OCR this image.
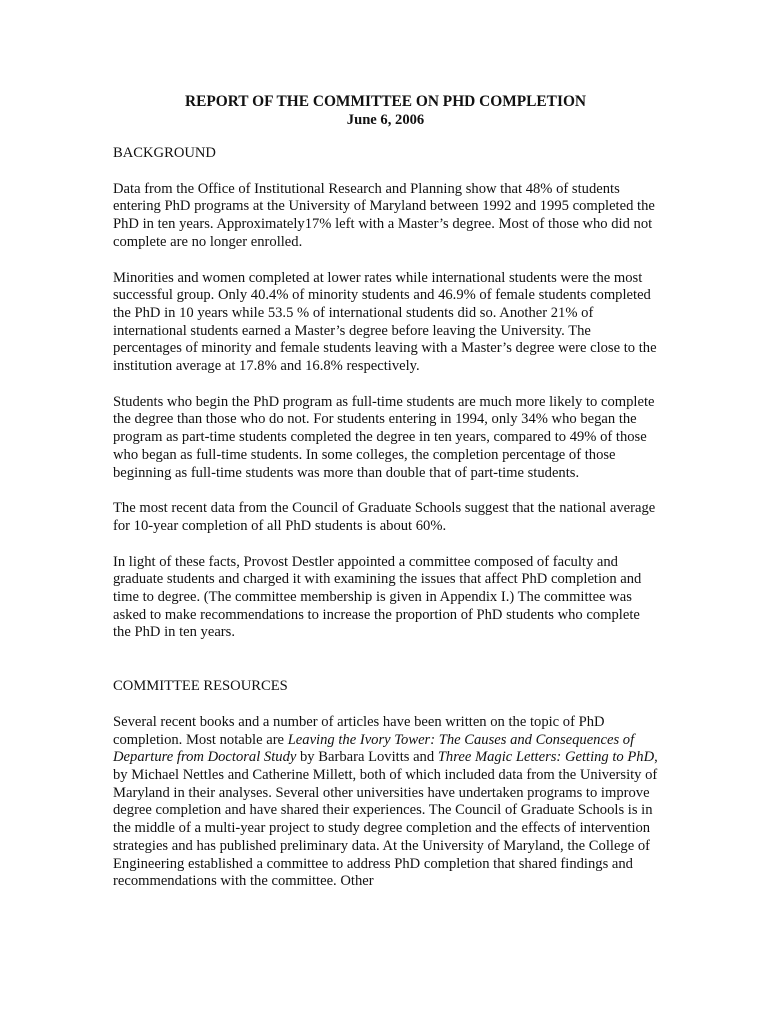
REPORT OF THE COMMITTEE ON PHD COMPLETION
June 6, 2006
BACKGROUND

Data from the Office of Institutional Research and Planning show that 48% of students entering PhD programs at the University of Maryland between 1992 and 1995 completed the PhD in ten years. Approximately17% left with a Master’s degree. Most of those who did not complete are no longer enrolled.

Minorities and women completed at lower rates while international students were the most successful group. Only 40.4% of minority students and 46.9% of female students completed the PhD in 10 years while 53.5 % of international students did so. Another 21% of international students earned a Master’s degree before leaving the University. The percentages of minority and female students leaving with a Master’s degree were close to the institution average at 17.8% and 16.8% respectively.

Students who begin the PhD program as full-time students are much more likely to complete the degree than those who do not. For students entering in 1994, only 34% who began the program as part-time students completed the degree in ten years, compared to 49% of those who began as full-time students. In some colleges, the completion percentage of those beginning as full-time students was more than double that of part-time students.

The most recent data from the Council of Graduate Schools suggest that the national average for 10-year completion of all PhD students is about 60%.

In light of these facts, Provost Destler appointed a committee composed of faculty and graduate students and charged it with examining the issues that affect PhD completion and time to degree. (The committee membership is given in Appendix I.) The committee was asked to make recommendations to increase the proportion of PhD students who complete the PhD in ten years.

COMMITTEE RESOURCES

Several recent books and a number of articles have been written on the topic of PhD completion. Most notable are Leaving the Ivory Tower: The Causes and Consequences of Departure from Doctoral Study by Barbara Lovitts and Three Magic Letters: Getting to PhD, by Michael Nettles and Catherine Millett, both of which included data from the University of Maryland in their analyses. Several other universities have undertaken programs to improve degree completion and have shared their experiences. The Council of Graduate Schools is in the middle of a multi-year project to study degree completion and the effects of intervention strategies and has published preliminary data. At the University of Maryland, the College of Engineering established a committee to address PhD completion that shared findings and recommendations with the committee. Other
